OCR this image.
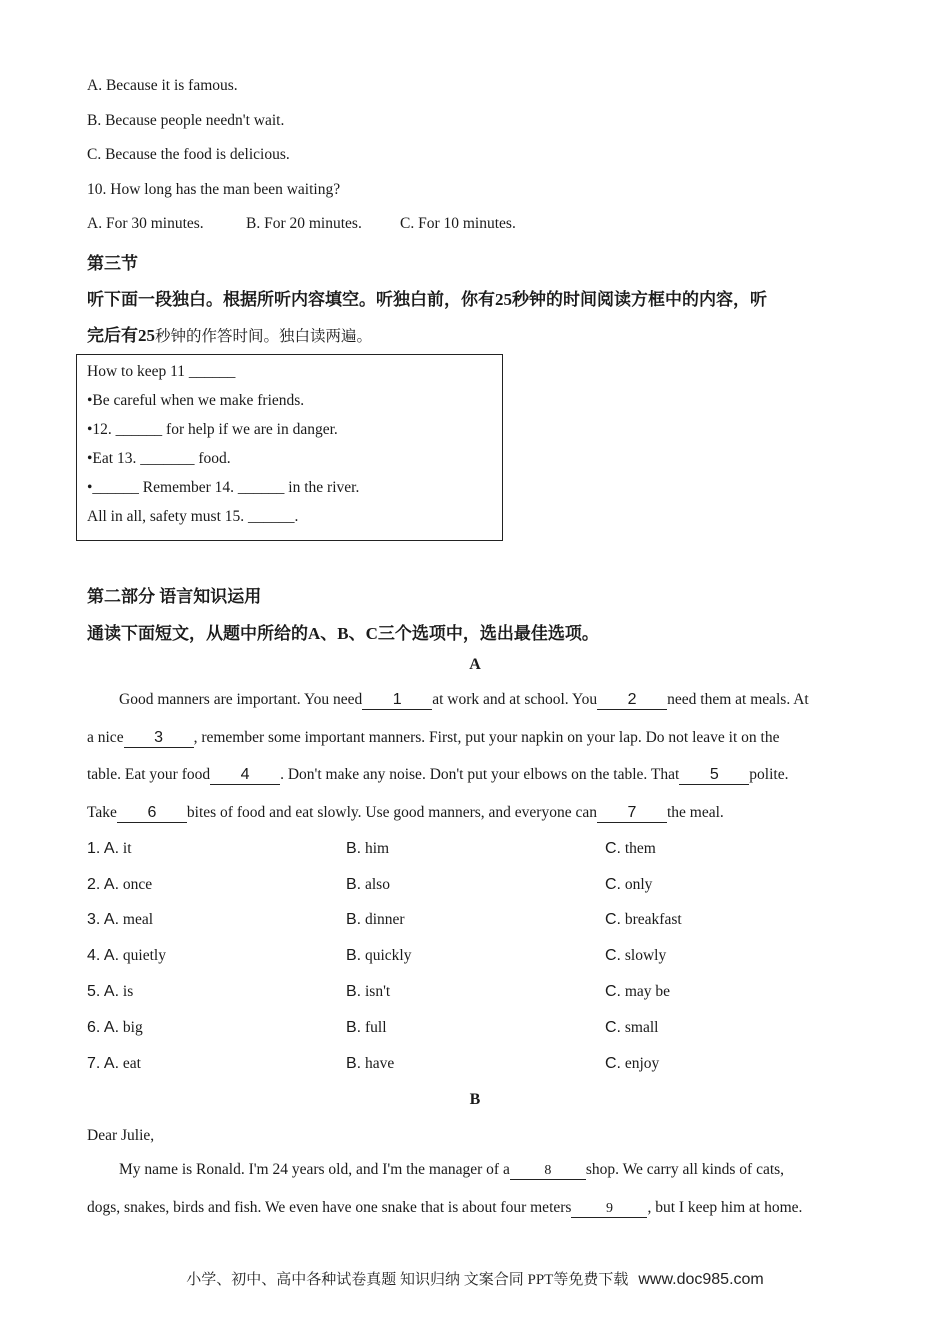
A. Because it is famous.
B. Because people needn't wait.
C. Because the food is delicious.
10. How long has the man been waiting?
A. For 30 minutes.	B. For 20 minutes. C. For 10 minutes.
第三节
听下面一段独白。根据所听内容填空。听独白前，你有25秒钟的时间阅读方框中的内容，听
完后有25秒钟的作答时间。独白读两遍。
How to keep 11 ______
•Be careful when we make friends.
•12. ______ for help if we are in danger.
•Eat 13. _______ food.
•______ Remember 14. ______ in the river.
All in all, safety must 15. ______.
第二部分 语言知识运用
通读下面短文，从题中所给的A、B、C三个选项中，选出最佳选项。
A
Good manners are important. You need 1 at work and at school. You 2 need them at meals. At
a nice 3 , remember some important manners. First, put your napkin on your lap. Do not leave it on the
table. Eat your food 4 . Don't make any noise. Don't put your elbows on the table. That 5 polite.
Take 6 bites of food and eat slowly. Use good manners, and everyone can 7 the meal.
1. A. it	B. him	C. them
2. A. once	B. also	C. only
3. A. meal	B. dinner	C. breakfast
4. A. quietly	B. quickly	C. slowly
5. A. is	B. isn't	C. may be
6. A. big	B. full	C. small
7. A. eat	B. have	C. enjoy
B
Dear Julie,
My name is Ronald. I'm 24 years old, and I'm the manager of a 8 shop. We carry all kinds of cats,
dogs, snakes, birds and fish. We even have one snake that is about four meters 9 , but I keep him at home.
小学、初中、高中各种试卷真题 知识归纳 文案合同 PPT等免费下载 www.doc985.com
